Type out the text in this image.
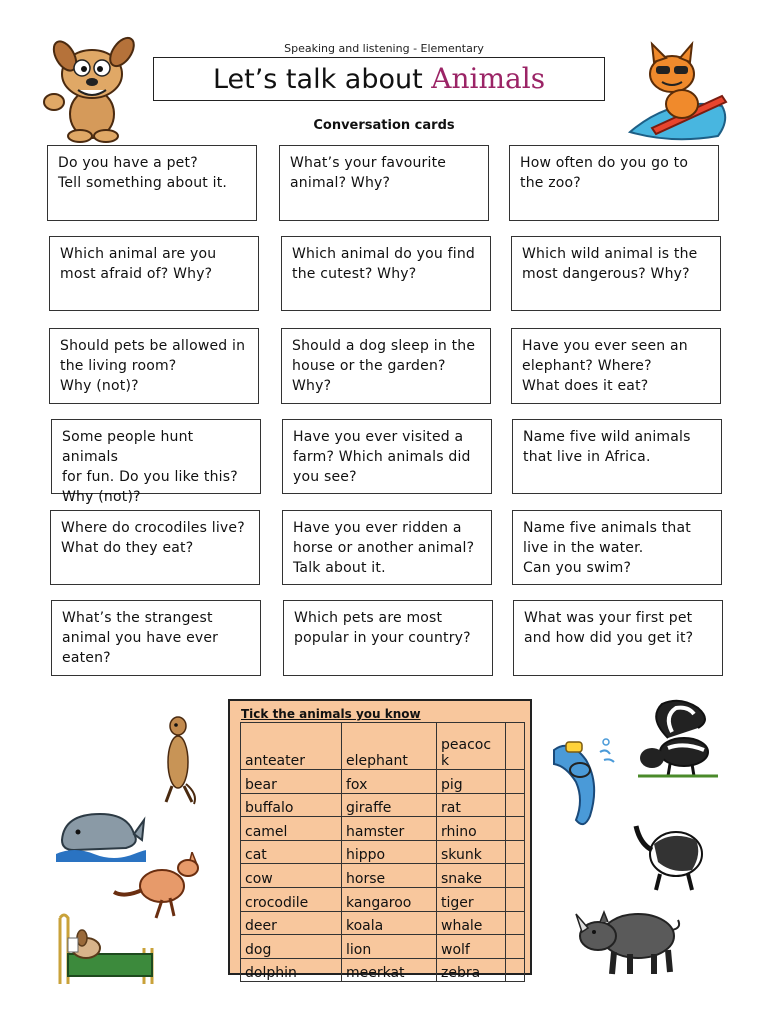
Speaking and listening - Elementary
Let’s talk about Animals
Conversation cards
Do you have a pet?
Tell something about it.
What’s your favourite
animal? Why?
How often do you go to
the zoo?
Which animal are you
most afraid of? Why?
Which animal do you find
the cutest? Why?
Which wild animal is the
most dangerous? Why?
Should pets be allowed in
the living room?
Why (not)?
Should a dog sleep in the
house or the garden?
Why?
Have you ever seen an
elephant? Where?
What does it eat?
Some people hunt animals
for fun. Do you like this?
Why (not)?
Have you ever visited a
farm? Which animals did
you see?
Name five wild animals
that live in Africa.
Where do crocodiles live?
What do they eat?
Have you ever ridden a
horse or another animal?
Talk about it.
Name five animals that
live in the water.
Can you swim?
What’s the strangest
animal you have ever
eaten?
Which pets are most
popular in your country?
What was your first pet
and how did you get it?
Tick the animals you know
anteater	elephant	peacoc
k	
bear	fox	pig	
buffalo	giraffe	rat	
camel	hamster	rhino	
cat	hippo	skunk	
cow	horse	snake	
crocodile	kangaroo	tiger	
deer	koala	whale	
dog	lion	wolf	
dolphin	meerkat	zebra	
